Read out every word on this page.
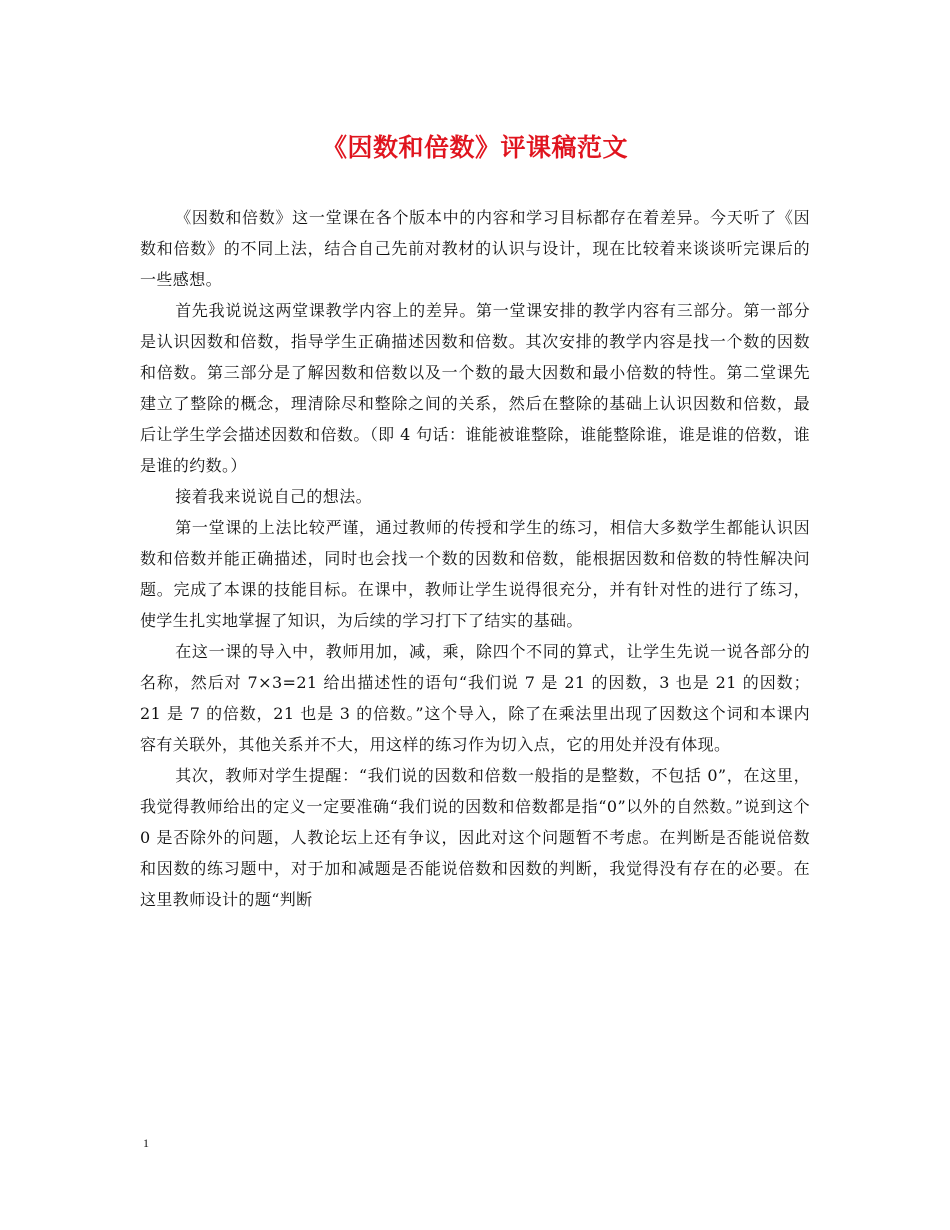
《因数和倍数》评课稿范文

《因数和倍数》这一堂课在各个版本中的内容和学习目标都存在着差异。今天听了《因数和倍数》的不同上法，结合自己先前对教材的认识与设计，现在比较着来谈谈听完课后的一些感想。

首先我说说这两堂课教学内容上的差异。第一堂课安排的教学内容有三部分。第一部分是认识因数和倍数，指导学生正确描述因数和倍数。其次安排的教学内容是找一个数的因数和倍数。第三部分是了解因数和倍数以及一个数的最大因数和最小倍数的特性。第二堂课先建立了整除的概念，理清除尽和整除之间的关系，然后在整除的基础上认识因数和倍数，最后让学生学会描述因数和倍数。（即 4 句话：谁能被谁整除，谁能整除谁，谁是谁的倍数，谁是谁的约数。）

接着我来说说自己的想法。

第一堂课的上法比较严谨，通过教师的传授和学生的练习，相信大多数学生都能认识因数和倍数并能正确描述，同时也会找一个数的因数和倍数，能根据因数和倍数的特性解决问题。完成了本课的技能目标。在课中，教师让学生说得很充分，并有针对性的进行了练习，使学生扎实地掌握了知识，为后续的学习打下了结实的基础。

在这一课的导入中，教师用加，减，乘，除四个不同的算式，让学生先说一说各部分的名称，然后对 7×3=21 给出描述性的语句“我们说 7 是 21 的因数，3 也是 21 的因数；21 是 7 的倍数，21 也是 3 的倍数。”这个导入，除了在乘法里出现了因数这个词和本课内容有关联外，其他关系并不大，用这样的练习作为切入点，它的用处并没有体现。

其次，教师对学生提醒：“我们说的因数和倍数一般指的是整数，不包括 0”，在这里，我觉得教师给出的定义一定要准确“我们说的因数和倍数都是指“0”以外的自然数。”说到这个 0 是否除外的问题，人教论坛上还有争议，因此对这个问题暂不考虑。在判断是否能说倍数和因数的练习题中，对于加和减题是否能说倍数和因数的判断，我觉得没有存在的必要。在这里教师设计的题“判断

1
